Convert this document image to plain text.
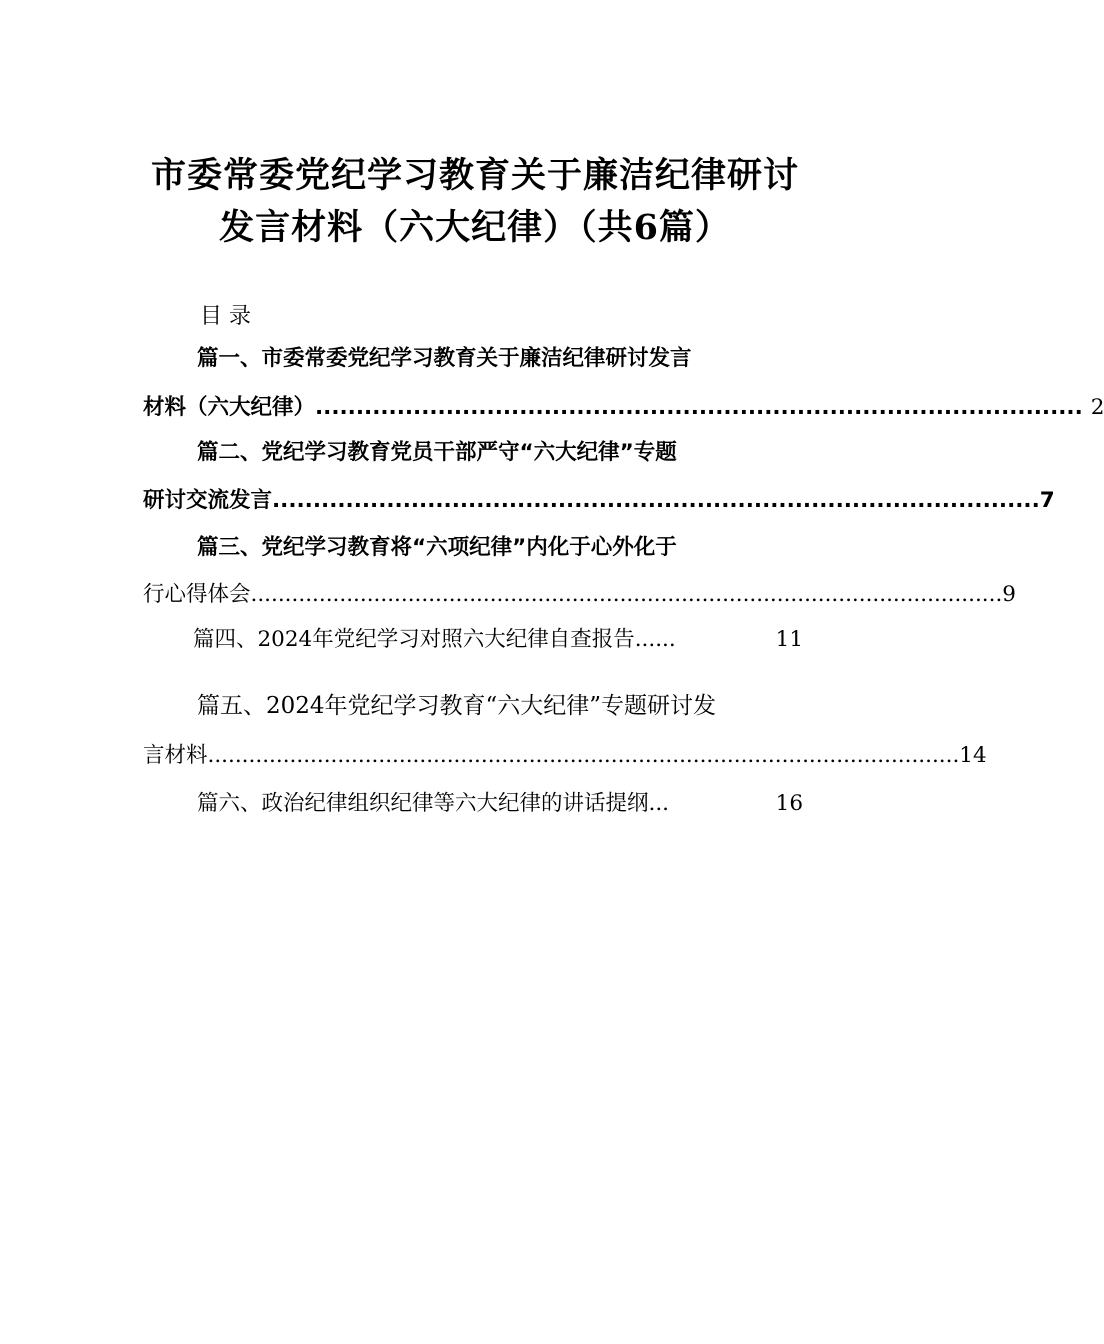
市委常委党纪学习教育关于廉洁纪律研讨
发言材料（六大纪律）（共6篇）
目 录
篇一、市委常委党纪学习教育关于廉洁纪律研讨发言
材料（六大纪律） .............................................................................................. 2
篇二、党纪学习教育党员干部严守“六大纪律”专题
研讨交流发言 .............................................................................................. 7
篇三、党纪学习教育将“六项纪律”内化于心外化于
行心得体会 .............................................................................................................. 9
篇四、2024年党纪学习对照六大纪律自查报告 ......	11
篇五、2024年党纪学习教育“六大纪律”专题研讨发
言材料 .............................................................................................................. 14
篇六、政治纪律组织纪律等六大纪律的讲话提纲 ...	16
